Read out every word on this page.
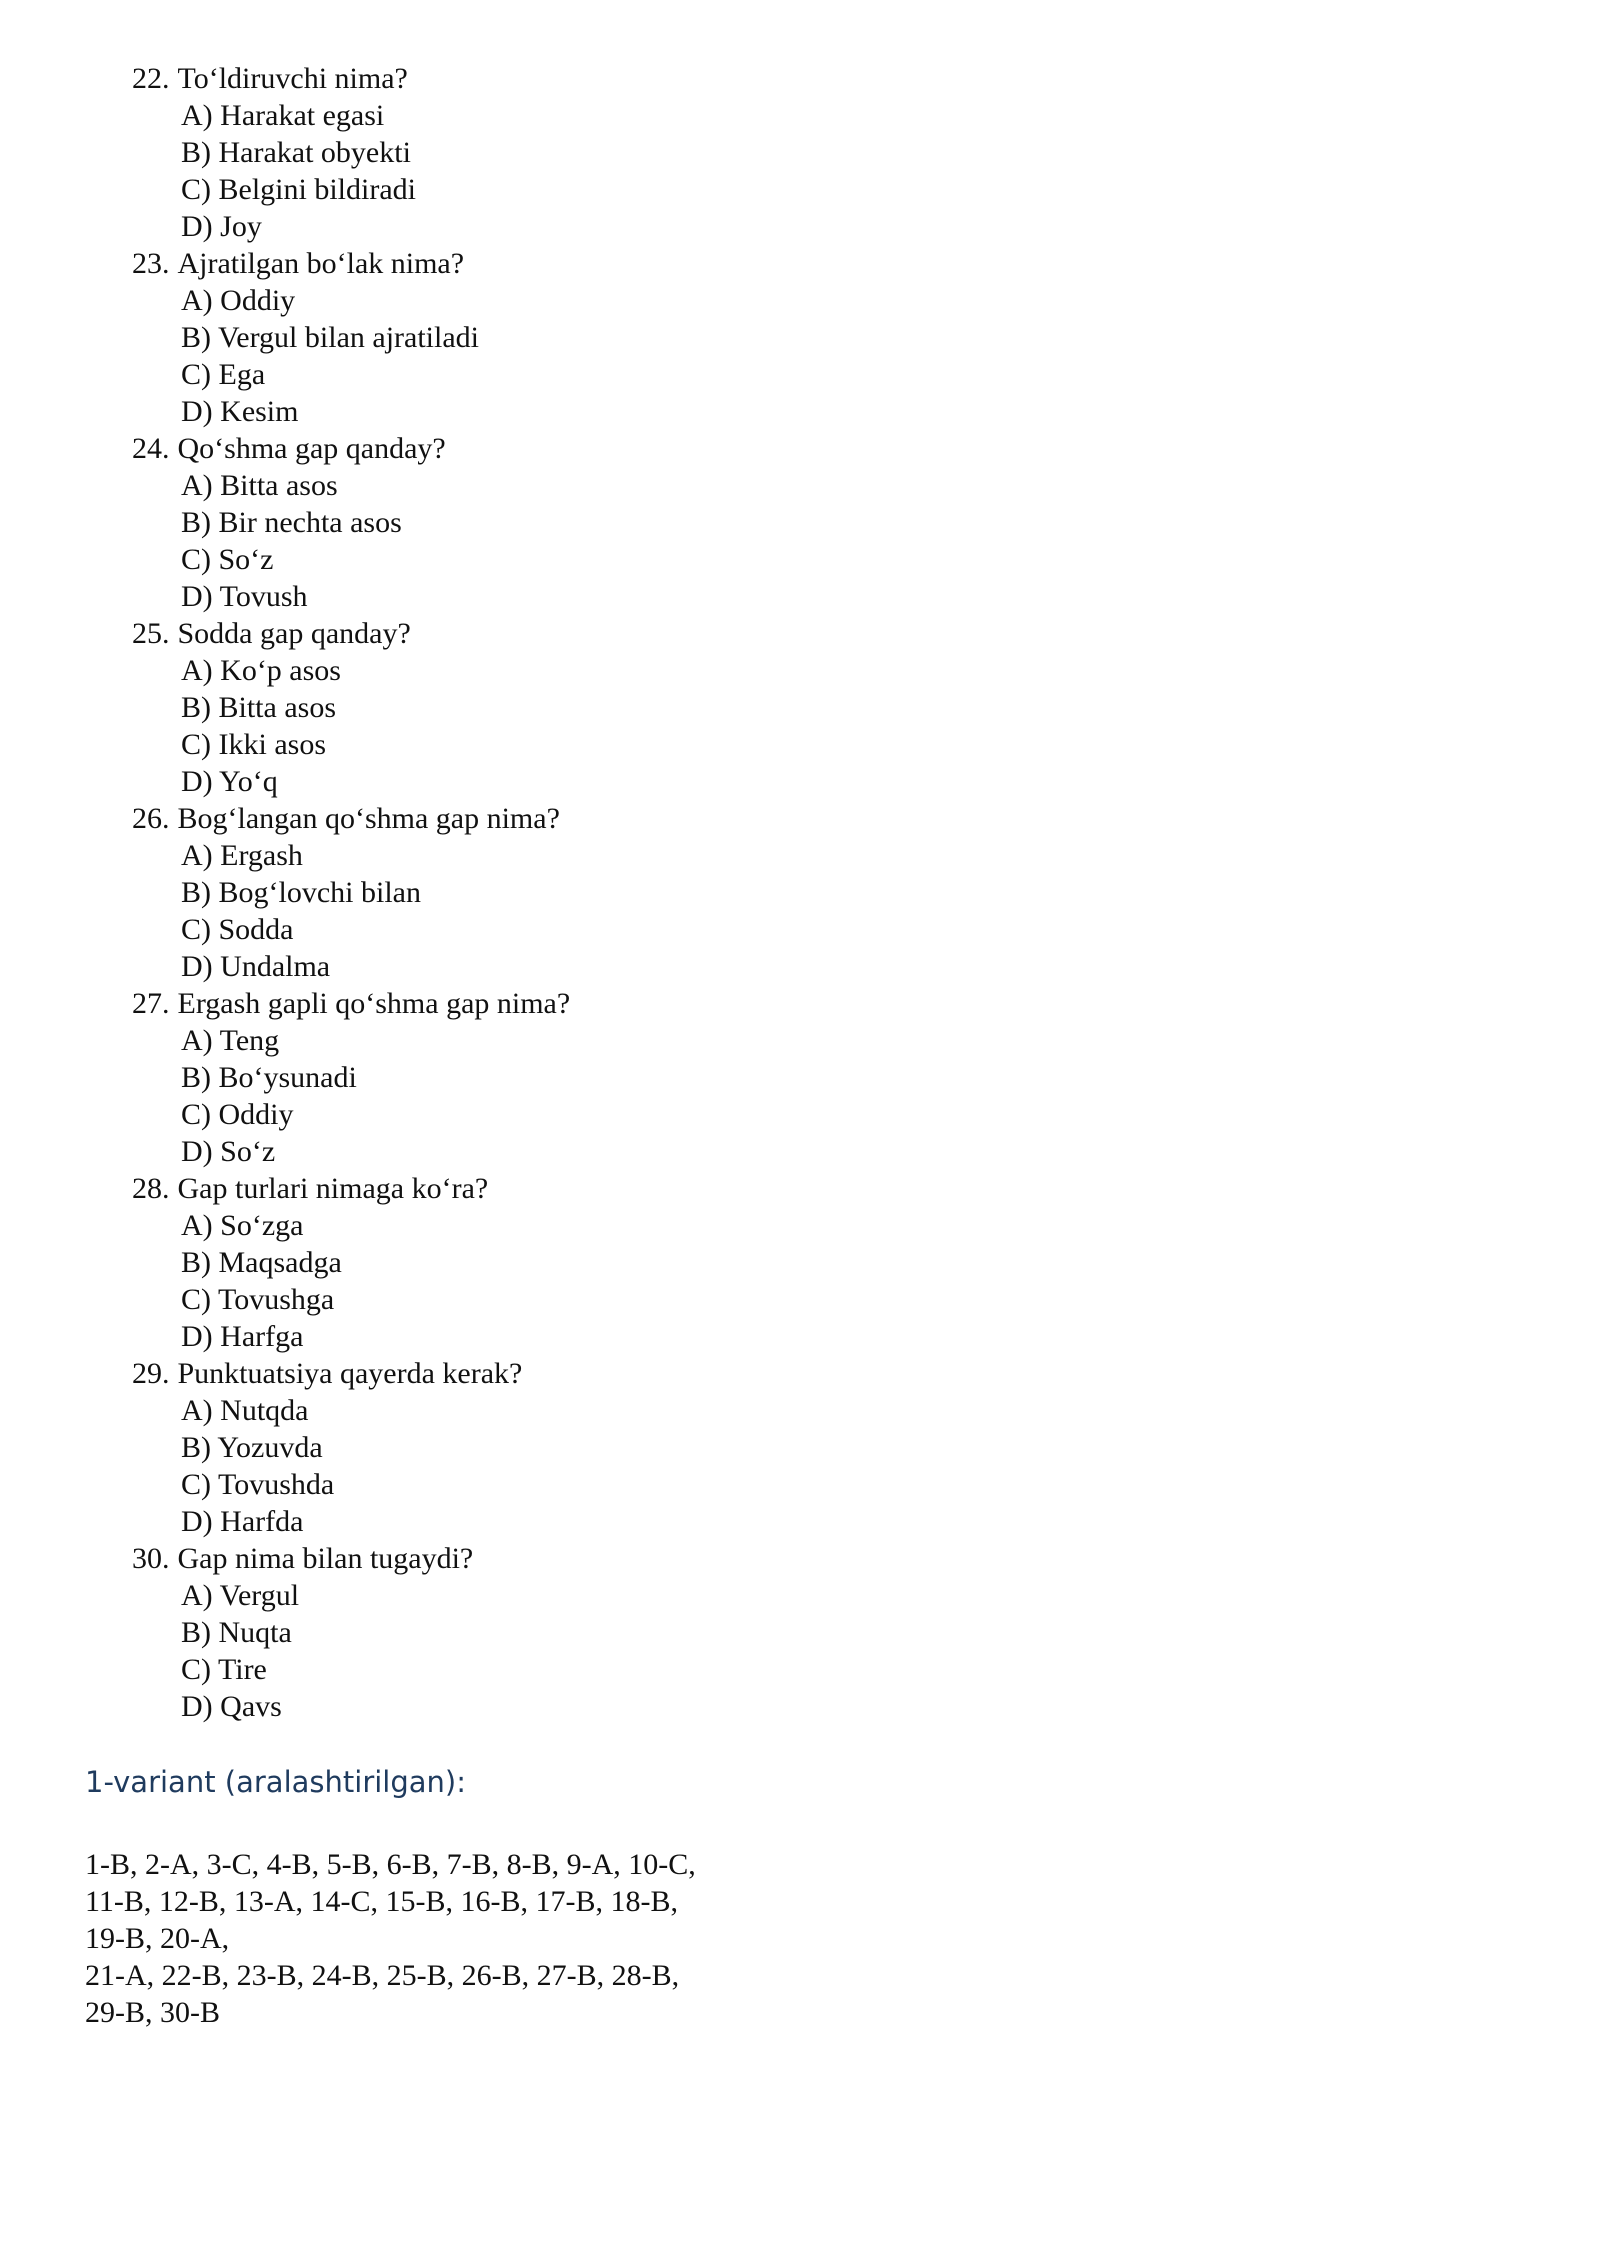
22. To‘ldiruvchi nima?
A) Harakat egasi
B) Harakat obyekti
C) Belgini bildiradi
D) Joy
23. Ajratilgan bo‘lak nima?
A) Oddiy
B) Vergul bilan ajratiladi
C) Ega
D) Kesim
24. Qo‘shma gap qanday?
A) Bitta asos
B) Bir nechta asos
C) So‘z
D) Tovush
25. Sodda gap qanday?
A) Ko‘p asos
B) Bitta asos
C) Ikki asos
D) Yo‘q
26. Bog‘langan qo‘shma gap nima?
A) Ergash
B) Bog‘lovchi bilan
C) Sodda
D) Undalma
27. Ergash gapli qo‘shma gap nima?
A) Teng
B) Bo‘ysunadi
C) Oddiy
D) So‘z
28. Gap turlari nimaga ko‘ra?
A) So‘zga
B) Maqsadga
C) Tovushga
D) Harfga
29. Punktuatsiya qayerda kerak?
A) Nutqda
B) Yozuvda
C) Tovushda
D) Harfda
30. Gap nima bilan tugaydi?
A) Vergul
B) Nuqta
C) Tire
D) Qavs
1-variant (aralashtirilgan):
1-B, 2-A, 3-C, 4-B, 5-B, 6-B, 7-B, 8-B, 9-A, 10-C,
11-B, 12-B, 13-A, 14-C, 15-B, 16-B, 17-B, 18-B,
19-B, 20-A,
21-A, 22-B, 23-B, 24-B, 25-B, 26-B, 27-B, 28-B,
29-B, 30-B
